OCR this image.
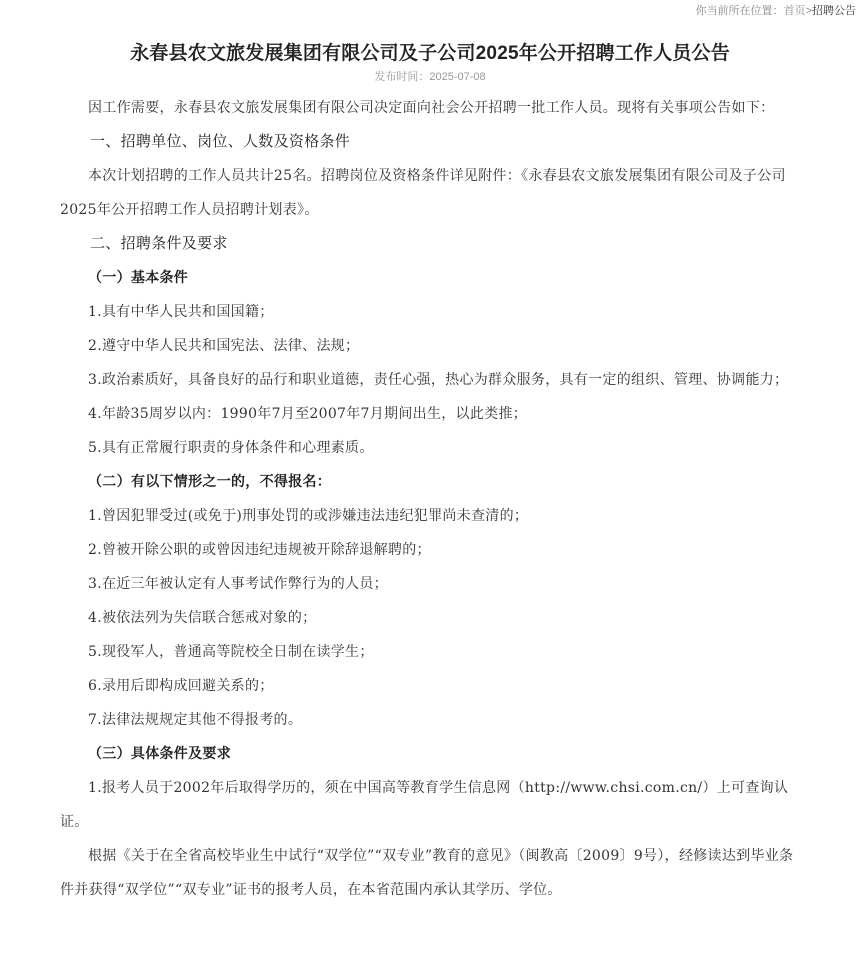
你当前所在位置：首页>招聘公告
永春县农文旅发展集团有限公司及子公司2025年公开招聘工作人员公告
发布时间：2025-07-08

因工作需要，永春县农文旅发展集团有限公司决定面向社会公开招聘一批工作人员。现将有关事项公告如下：

一、招聘单位、岗位、人数及资格条件

本次计划招聘的工作人员共计25名。招聘岗位及资格条件详见附件：《永春县农文旅发展集团有限公司及子公司2025年公开招聘工作人员招聘计划表》。

二、招聘条件及要求

（一）基本条件

1.具有中华人民共和国国籍；

2.遵守中华人民共和国宪法、法律、法规；

3.政治素质好，具备良好的品行和职业道德，责任心强，热心为群众服务，具有一定的组织、管理、协调能力；

4.年龄35周岁以内：1990年7月至2007年7月期间出生，以此类推；

5.具有正常履行职责的身体条件和心理素质。

（二）有以下情形之一的，不得报名：

1.曾因犯罪受过(或免于)刑事处罚的或涉嫌违法违纪犯罪尚未查清的；

2.曾被开除公职的或曾因违纪违规被开除辞退解聘的；

3.在近三年被认定有人事考试作弊行为的人员；

4.被依法列为失信联合惩戒对象的；

5.现役军人，普通高等院校全日制在读学生；

6.录用后即构成回避关系的；

7.法律法规规定其他不得报考的。

（三）具体条件及要求

1.报考人员于2002年后取得学历的，须在中国高等教育学生信息网（http://www.chsi.com.cn/）上可查询认证。

根据《关于在全省高校毕业生中试行“双学位”“双专业”教育的意见》（闽教高〔2009〕9号），经修读达到毕业条件并获得“双学位”“双专业”证书的报考人员，在本省范围内承认其学历、学位。
